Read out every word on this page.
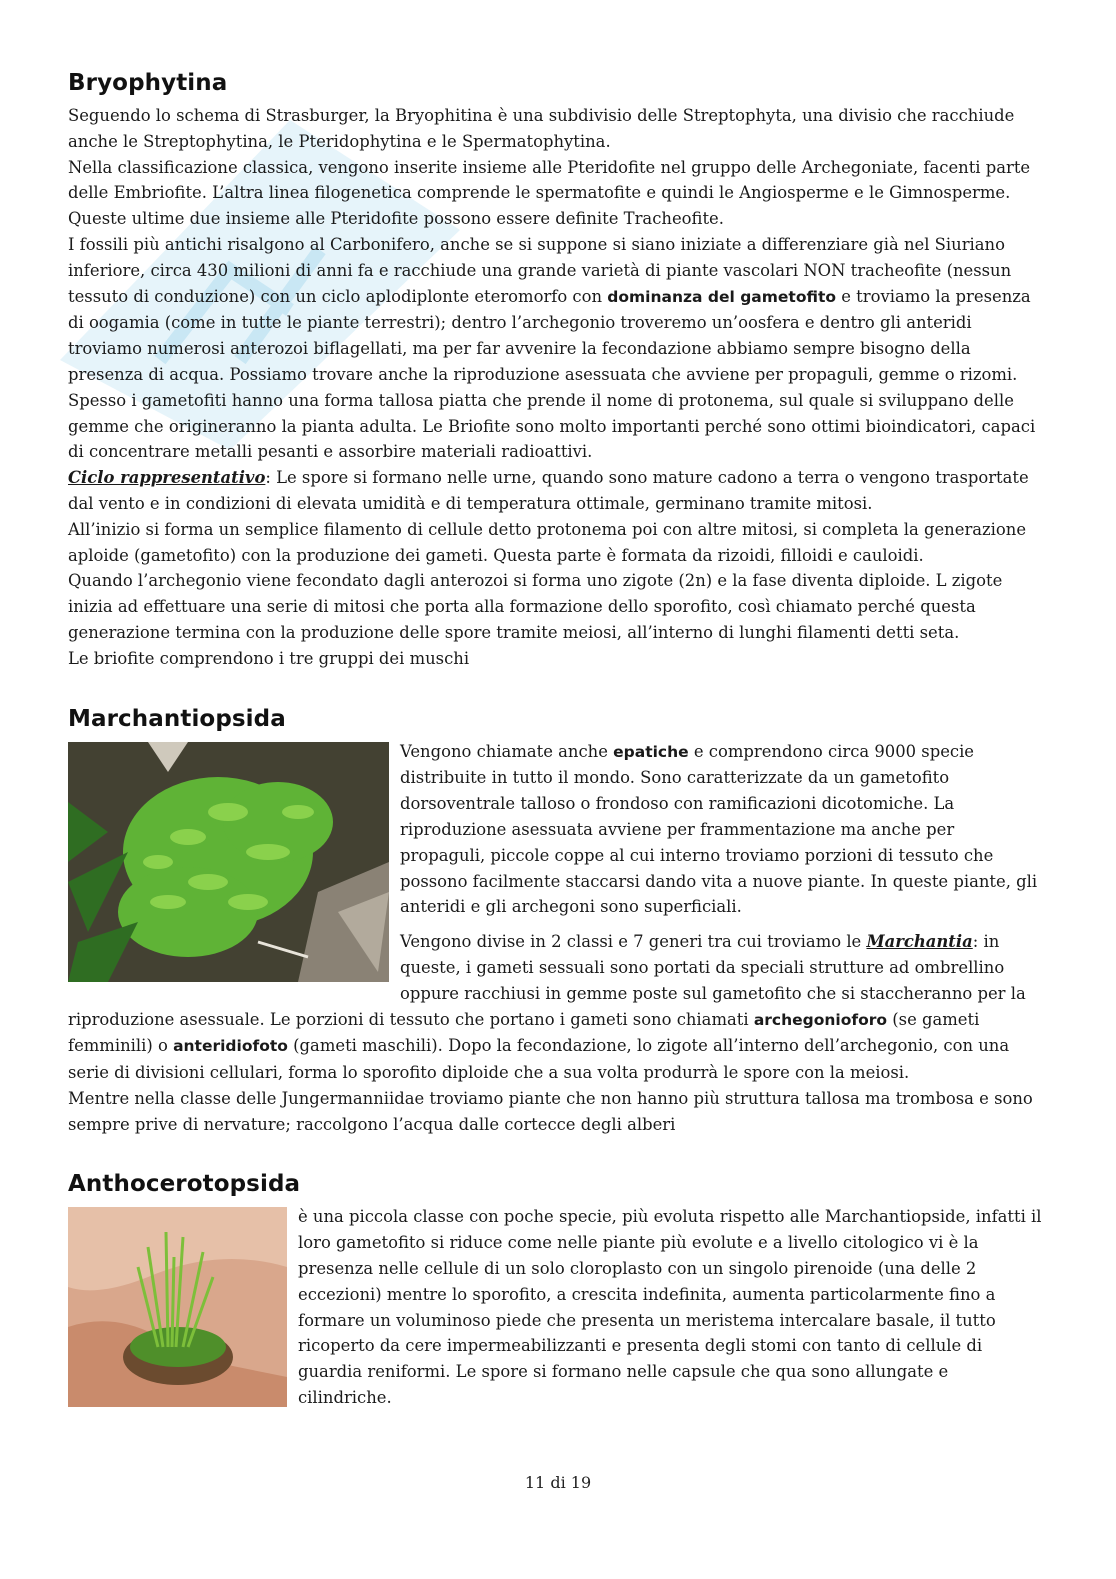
Bryophytina

Seguendo lo schema di Strasburger, la Bryophitina è una subdivisio delle Streptophyta, una divisio che racchiude anche le Streptophytina, le Pteridophytina e le Spermatophytina.

Nella classificazione classica, vengono inserite insieme alle Pteridofite nel gruppo delle Archegoniate, facenti parte delle Embriofite. L’altra linea filogenetica comprende le spermatofite e quindi le Angiosperme e le Gimnosperme. Queste ultime due insieme alle Pteridofite possono essere definite Tracheofite.

I fossili più antichi risalgono al Carbonifero, anche se si suppone si siano iniziate a differenziare già nel Siuriano inferiore, circa 430 milioni di anni fa e racchiude una grande varietà di piante vascolari NON tracheofite (nessun tessuto di conduzione) con un ciclo aplodiplonte eteromorfo con dominanza del gametofito e troviamo la presenza di oogamia (come in tutte le piante terrestri); dentro l’archegonio troveremo un’oosfera e dentro gli anteridi troviamo numerosi anterozoi biflagellati, ma per far avvenire la fecondazione abbiamo sempre bisogno della presenza di acqua. Possiamo trovare anche la riproduzione asessuata che avviene per propaguli, gemme o rizomi.

Spesso i gametofiti hanno una forma tallosa piatta che prende il nome di protonema, sul quale si sviluppano delle gemme che origineranno la pianta adulta. Le Briofite sono molto importanti perché sono ottimi bioindicatori, capaci di concentrare metalli pesanti e assorbire materiali radioattivi.

Ciclo rappresentativo: Le spore si formano nelle urne, quando sono mature cadono a terra o vengono trasportate dal vento e in condizioni di elevata umidità e di temperatura ottimale, germinano tramite mitosi.

All’inizio si forma un semplice filamento di cellule detto protonema poi con altre mitosi, si completa la generazione aploide (gametofito) con la produzione dei gameti. Questa parte è formata da rizoidi, filloidi e cauloidi.

Quando l’archegonio viene fecondato dagli anterozoi si forma uno zigote (2n) e la fase diventa diploide. L zigote inizia ad effettuare una serie di mitosi che porta alla formazione dello sporofito, così chiamato perché questa generazione termina con la produzione delle spore tramite meiosi, all’interno di lunghi filamenti detti seta.

Le briofite comprendono i tre gruppi dei muschi

Marchantiopsida

Vengono chiamate anche epatiche e comprendono circa 9000 specie distribuite in tutto il mondo. Sono caratterizzate da un gametofito dorsoventrale talloso o frondoso con ramificazioni dicotomiche. La riproduzione asessuata avviene per frammentazione ma anche per propaguli, piccole coppe al cui interno troviamo porzioni di tessuto che possono facilmente staccarsi dando vita a nuove piante. In queste piante, gli anteridi e gli archegoni sono superficiali.

Vengono divise in 2 classi e 7 generi tra cui troviamo le Marchantia: in queste, i gameti sessuali sono portati da speciali strutture ad ombrellino oppure racchiusi in gemme poste sul gametofito che si staccheranno per la riproduzione asessuale. Le porzioni di tessuto che portano i gameti sono chiamati archegonioforo (se gameti femminili) o anteridiofoto (gameti maschili). Dopo la fecondazione, lo zigote all’interno dell’archegonio, con una serie di divisioni cellulari, forma lo sporofito diploide che a sua volta produrrà le spore con la meiosi.

Mentre nella classe delle Jungermanniidae troviamo piante che non hanno più struttura tallosa ma trombosa e sono sempre prive di nervature; raccolgono l’acqua dalle cortecce degli alberi

Anthocerotopsida

è una piccola classe con poche specie, più evoluta rispetto alle Marchantiopside, infatti il loro gametofito si riduce come nelle piante più evolute e a livello citologico vi è la presenza nelle cellule di un solo cloroplasto con un singolo pirenoide (una delle 2 eccezioni) mentre lo sporofito, a crescita indefinita, aumenta particolarmente fino a formare un voluminoso piede che presenta un meristema intercalare basale, il tutto ricoperto da cere impermeabilizzanti e presenta degli stomi con tanto di cellule di guardia reniformi. Le spore si formano nelle capsule che qua sono allungate e cilindriche.

11 di 19
